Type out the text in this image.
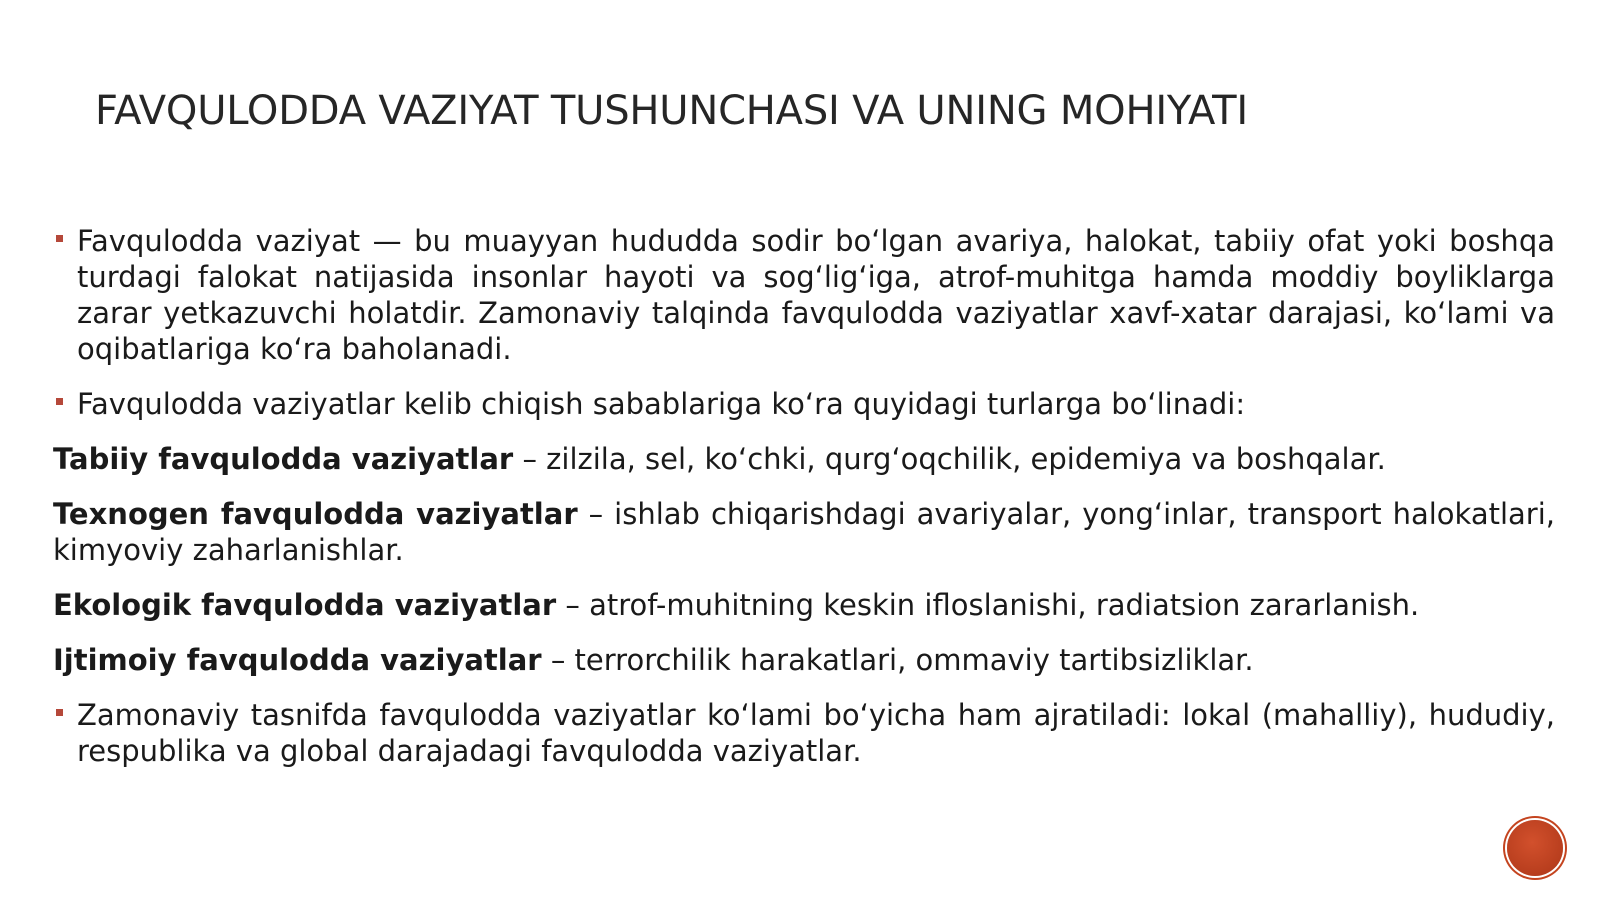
FAVQULODDA VAZIYAT TUSHUNCHASI VA UNING MOHIYATI

Favqulodda vaziyat — bu muayyan hududda sodir boʻlgan avariya, halokat, tabiiy ofat yoki boshqa turdagi falokat natijasida insonlar hayoti va sogʻligʻiga, atrof-muhitga hamda moddiy boyliklarga zarar yetkazuvchi holatdir. Zamonaviy talqinda favqulodda vaziyatlar xavf-xatar darajasi, koʻlami va oqibatlariga koʻra baholanadi.

Favqulodda vaziyatlar kelib chiqish sabablariga koʻra quyidagi turlarga boʻlinadi:

Tabiiy favqulodda vaziyatlar – zilzila, sel, koʻchki, qurgʻoqchilik, epidemiya va boshqalar.

Texnogen favqulodda vaziyatlar – ishlab chiqarishdagi avariyalar, yongʻinlar, transport halokatlari, kimyoviy zaharlanishlar.

Ekologik favqulodda vaziyatlar – atrof-muhitning keskin ifloslanishi, radiatsion zararlanish.

Ijtimoiy favqulodda vaziyatlar – terrorchilik harakatlari, ommaviy tartibsizliklar.

Zamonaviy tasnifda favqulodda vaziyatlar koʻlami boʻyicha ham ajratiladi: lokal (mahalliy), hududiy, respublika va global darajadagi favqulodda vaziyatlar.
